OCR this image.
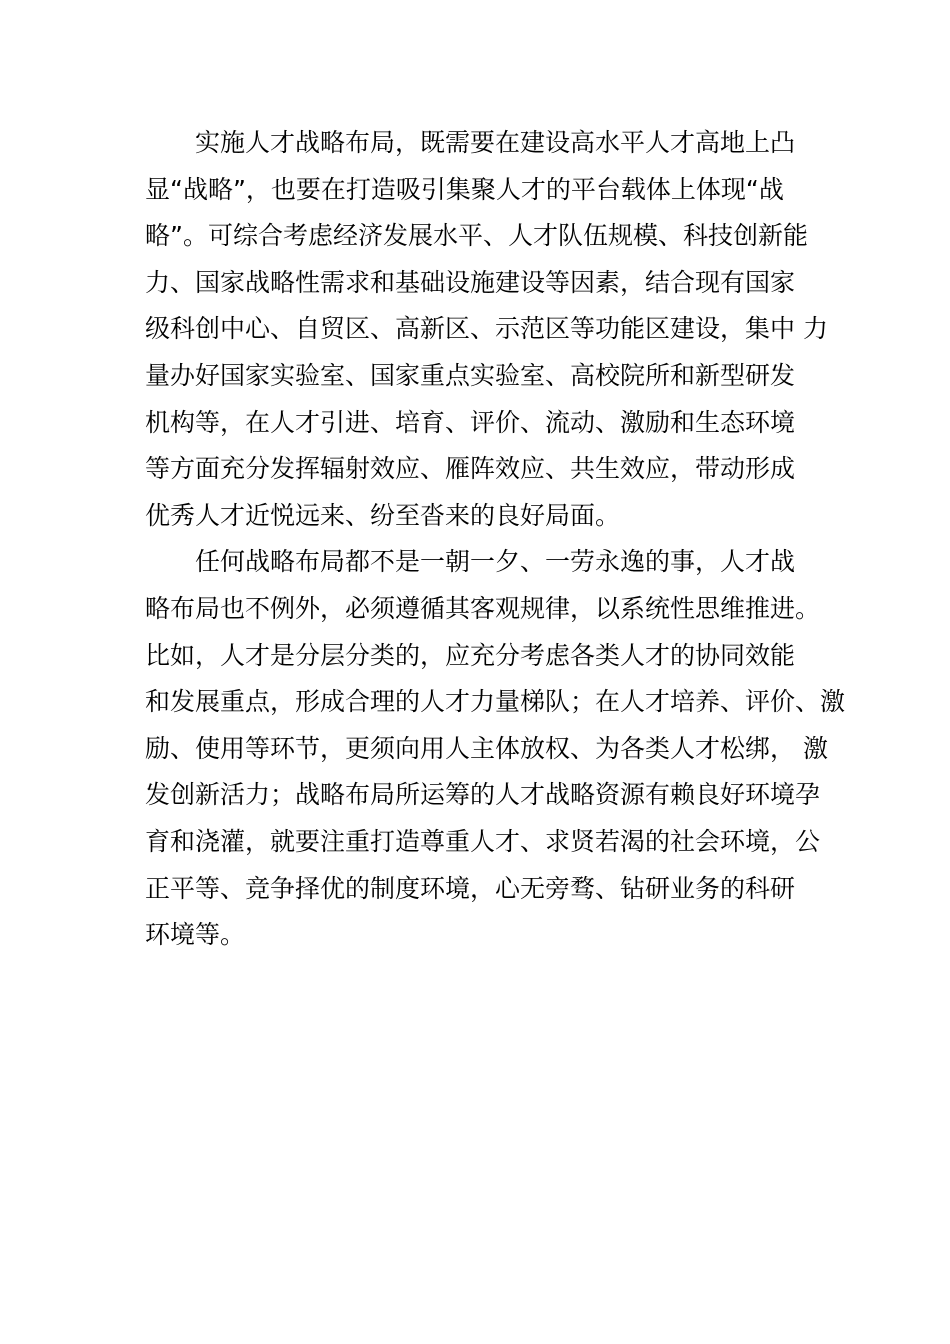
实施人才战略布局，既需要在建设高水平人才高地上凸
显“战略”，也要在打造吸引集聚人才的平台载体上体现“战
略”。可综合考虑经济发展水平、人才队伍规模、科技创新能
力、国家战略性需求和基础设施建设等因素，结合现有国家
级科创中心、自贸区、高新区、示范区等功能区建设，集中 力
量办好国家实验室、国家重点实验室、高校院所和新型研发
机构等，在人才引进、培育、评价、流动、激励和生态环境
等方面充分发挥辐射效应、雁阵效应、共生效应，带动形成
优秀人才近悦远来、纷至沓来的良好局面。
任何战略布局都不是一朝一夕、一劳永逸的事，人才战
略布局也不例外，必须遵循其客观规律，以系统性思维推进。
比如，人才是分层分类的，应充分考虑各类人才的协同效能
和发展重点，形成合理的人才力量梯队；在人才培养、评价、激
励、使用等环节，更须向用人主体放权、为各类人才松绑， 激
发创新活力；战略布局所运筹的人才战略资源有赖良好环境孕
育和浇灌，就要注重打造尊重人才、求贤若渴的社会环境，公
正平等、竞争择优的制度环境，心无旁骛、钻研业务的科研
环境等。
